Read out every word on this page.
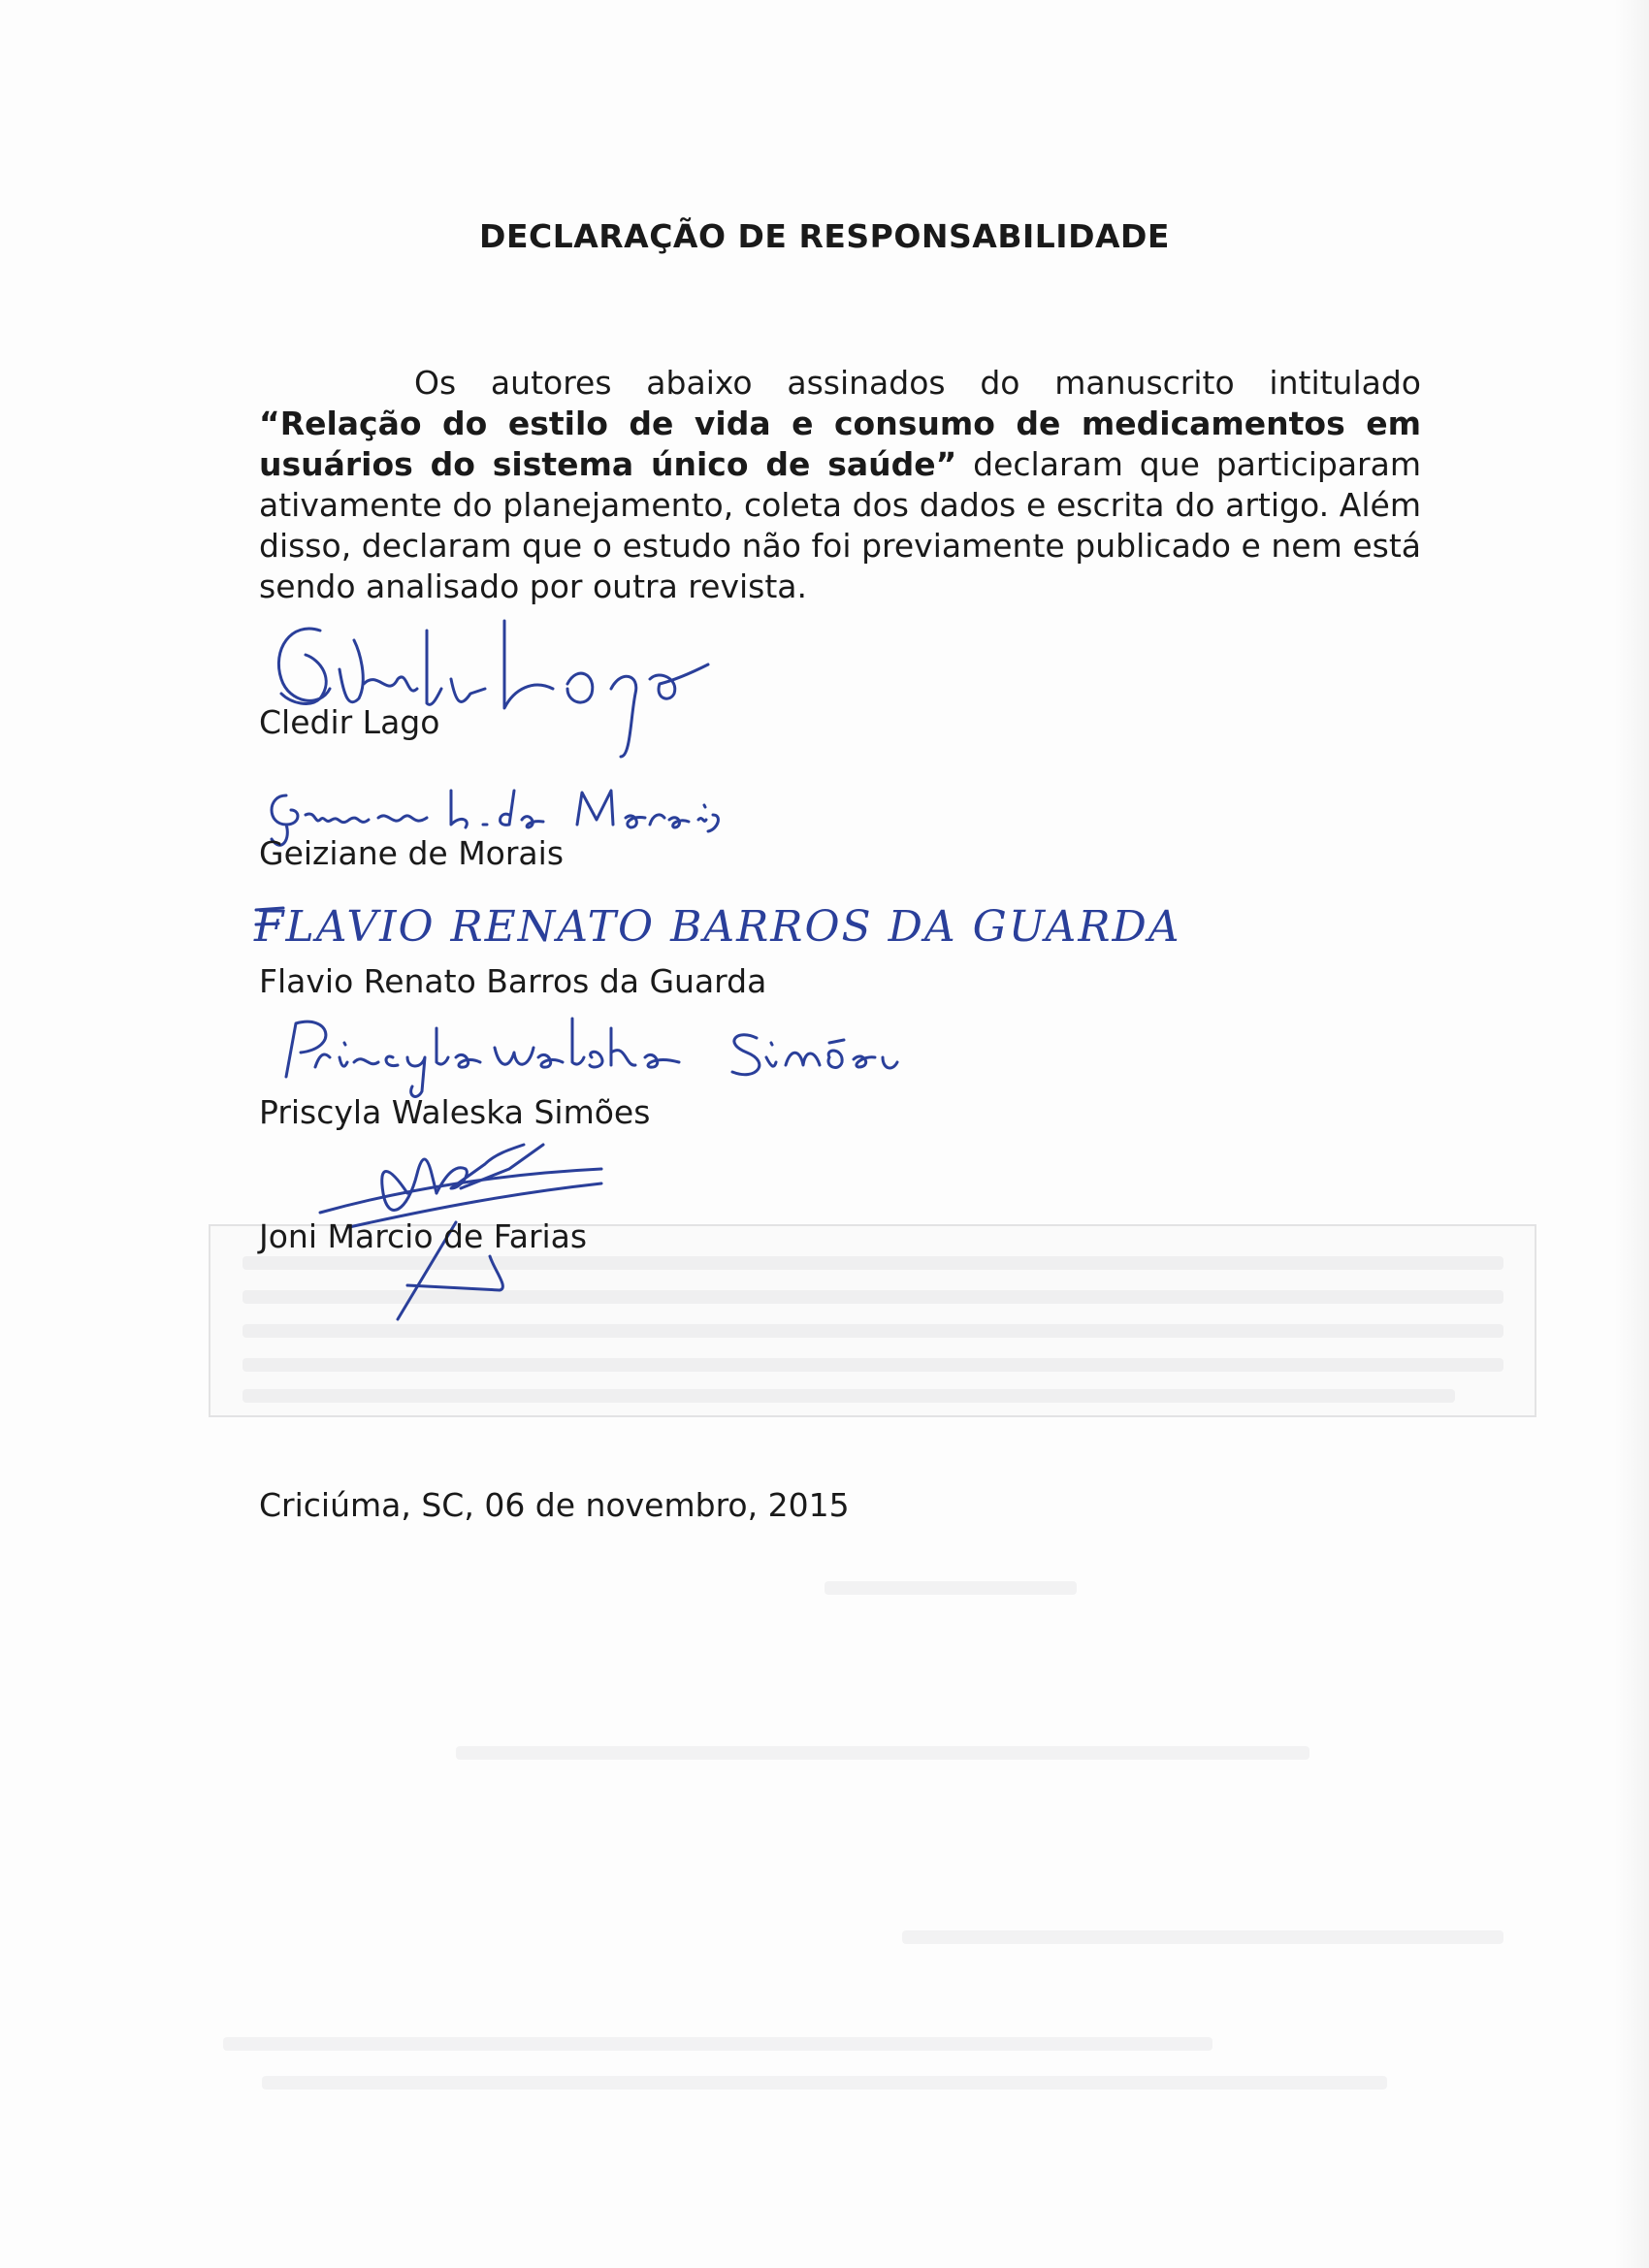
DECLARAÇÃO DE RESPONSABILIDADE
Os autores abaixo assinados do manuscrito intitulado “Relação do estilo de vida e consumo de medicamentos em usuários do sistema único de saúde” declaram que participaram ativamente do planejamento, coleta dos dados e escrita do artigo. Além disso, declaram que o estudo não foi previamente publicado e nem está sendo analisado por outra revista.
Cledir Lago
Geiziane de Morais
FLAVIO RENATO BARROS DA GUARDA
Flavio Renato Barros da Guarda
Priscyla Waleska Simões
Joni Marcio de Farias
Criciúma, SC, 06 de novembro, 2015
